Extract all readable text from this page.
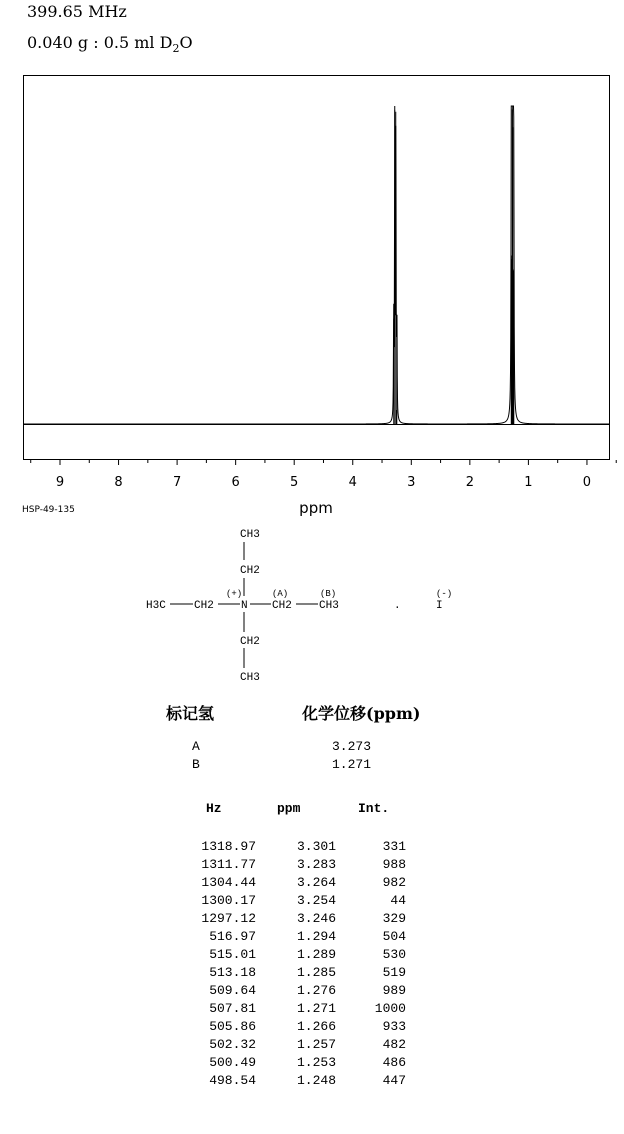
399.65 MHz
0.040 g : 0.5 ml $D_2O$
9	8	7	6	5	4	3	2	1	0
ppm
HSP-49-135
CH3
CH2
H3C	CH2
(+)
N
(A)
CH2
(B)
CH3	.
(-)
I
CH2
CH3
标记氢	化学位移(ppm)
A	3.273
B	1.271
Hz	ppm	Int.
1318.97	3.301	331
1311.77	3.283	988
1304.44	3.264	982
1300.17	3.254	44
1297.12	3.246	329
516.97	1.294	504
515.01	1.289	530
513.18	1.285	519
509.64	1.276	989
507.81	1.271	1000
505.86	1.266	933
502.32	1.257	482
500.49	1.253	486
498.54	1.248	447
